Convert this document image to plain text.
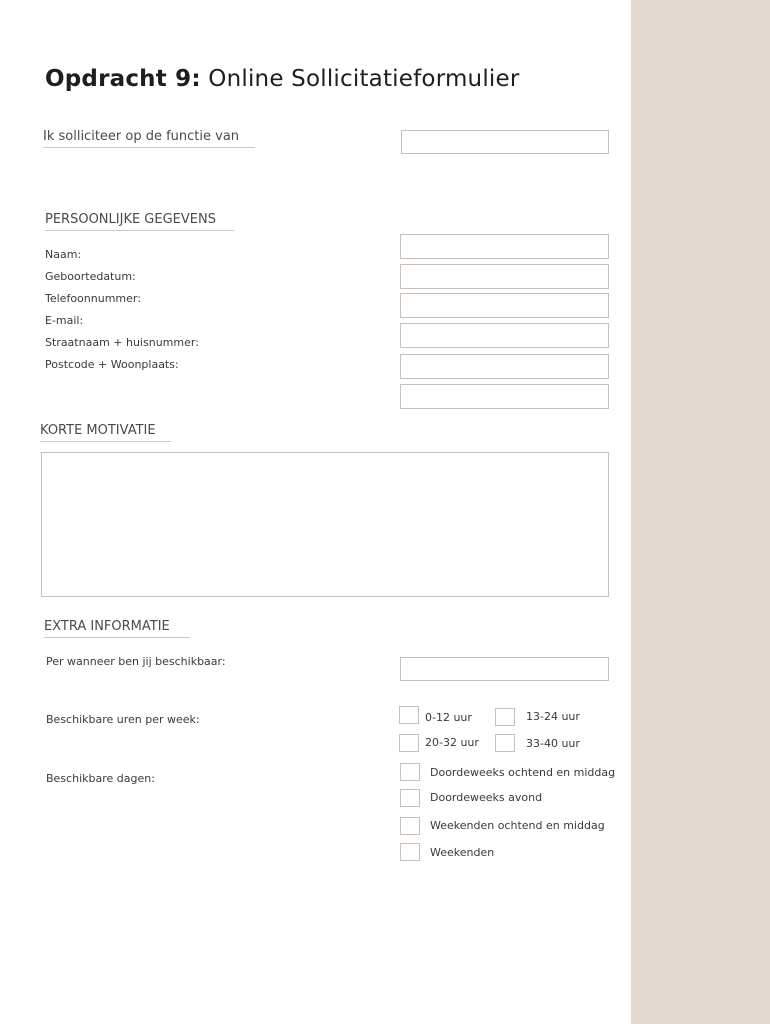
Opdracht 9: Online Sollicitatieformulier
Ik solliciteer op de functie van
PERSOONLIJKE GEGEVENS
Naam:
Geboortedatum:
Telefoonnummer:
E-mail:
Straatnaam + huisnummer:
Postcode + Woonplaats:
KORTE MOTIVATIE
EXTRA INFORMATIE
Per wanneer ben jij beschikbaar:
Beschikbare uren per week:	0-12 uur	13-24 uur
20-32 uur	33-40 uur
Beschikbare dagen:	Doordeweeks ochtend en middag
Doordeweeks avond
Weekenden ochtend en middag
Weekenden
